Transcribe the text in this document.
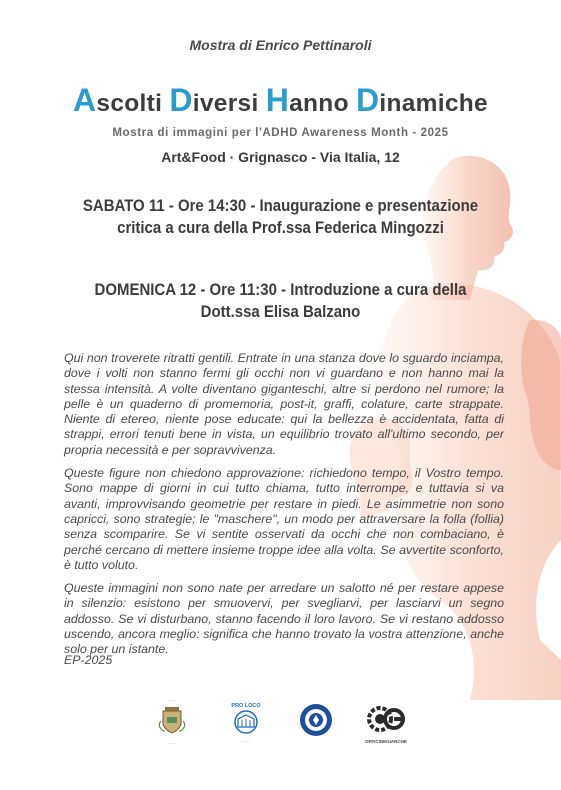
Mostra di Enrico Pettinaroli
Ascolti Diversi Hanno Dinamiche
Mostra di immagini per l'ADHD Awareness Month - 2025
Art&Food · Grignasco - Via Italia, 12
SABATO 11 - Ore 14:30 - Inaugurazione e presentazione
critica a cura della Prof.ssa Federica Mingozzi
DOMENICA 12 - Ore 11:30 - Introduzione a cura della
Dott.ssa Elisa Balzano

Qui non troverete ritratti gentili. Entrate in una stanza dove lo sguardo inciampa, dove i volti non stanno fermi gli occhi non vi guardano e non hanno mai la stessa intensità. A volte diventano giganteschi, altre si perdono nel rumore; la pelle è un quaderno di promemoria, post-it, graffi, colature, carte strappate. Niente di etereo, niente pose educate: qui la bellezza è accidentata, fatta di strappi, errori tenuti bene in vista, un equilibrio trovato all'ultimo secondo, per propria necessità e per sopravvivenza.

Queste figure non chiedono approvazione: richiedono tempo, il Vostro tempo. Sono mappe di giorni in cui tutto chiama, tutto interrompe, e tuttavia si va avanti, improvvisando geometrie per restare in piedi. Le asimmetrie non sono capricci, sono strategie; le "maschere", un modo per attraversare la folla (follia) senza scomparire. Se vi sentite osservati da occhi che non combaciano, è perché cercano di mettere insieme troppe idee alla volta. Se avvertite sconforto, è tutto voluto.

Queste immagini non sono nate per arredare un salotto né per restare appese in silenzio: esistono per smuovervi, per svegliarvi, per lasciarvi un segno addosso. Se vi disturbano, stanno facendo il loro lavoro. Se vi restano addosso uscendo, ancora meglio: significa che hanno trovato la vostra attenzione, anche solo per un istante.

EP-2025
·······
·······
PRO LOCO
········	OFFICINEGIARCHE
